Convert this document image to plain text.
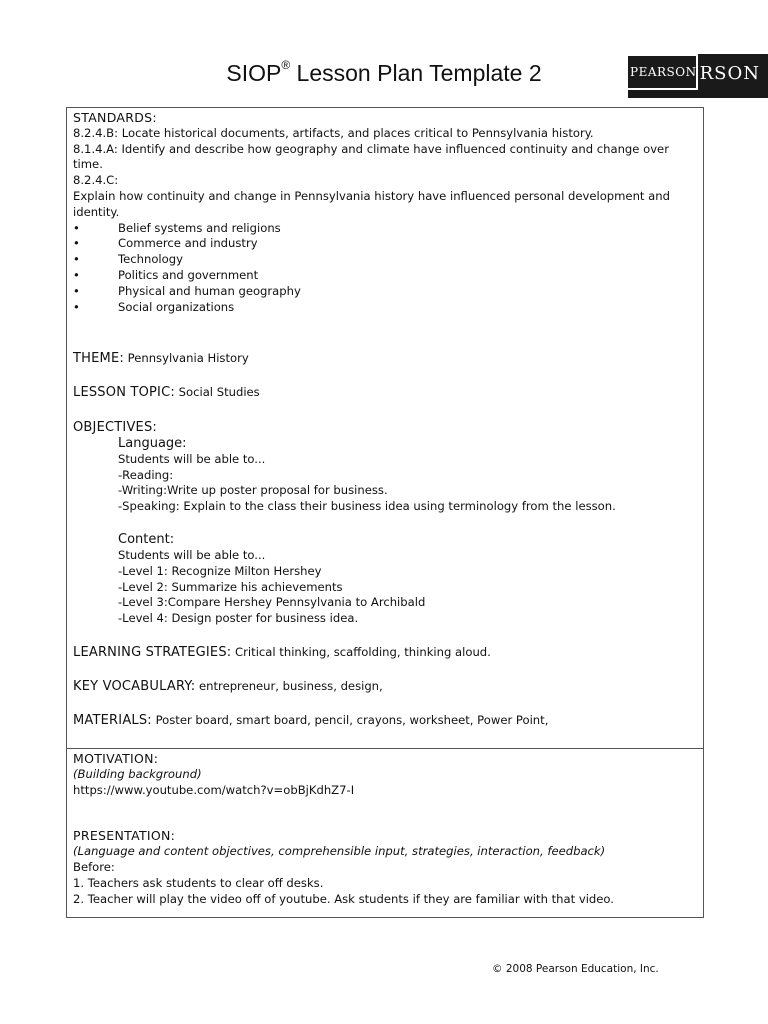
SIOP® Lesson Plan Template 2	RSON
PEARSON
STANDARDS:
8.2.4.B: Locate historical documents, artifacts, and places critical to Pennsylvania history.
8.1.4.A: Identify and describe how geography and climate have influenced continuity and change over time.
8.2.4.C:
Explain how continuity and change in Pennsylvania history have influenced personal development and identity.
•	Belief systems and religions
•	Commerce and industry
•	Technology
•	Politics and government
•	Physical and human geography
•	Social organizations
THEME: Pennsylvania History
LESSON TOPIC: Social Studies
OBJECTIVES:
Language:
Students will be able to...
-Reading:
-Writing:Write up poster proposal for business.
-Speaking: Explain to the class their business idea using terminology from the lesson.
Content:
Students will be able to...
-Level 1: Recognize Milton Hershey
-Level 2: Summarize his achievements
-Level 3:Compare Hershey Pennsylvania to Archibald
-Level 4: Design poster for business idea.
LEARNING STRATEGIES: Critical thinking, scaffolding, thinking aloud.
KEY VOCABULARY: entrepreneur, business, design,
MATERIALS: Poster board, smart board, pencil, crayons, worksheet, Power Point,
MOTIVATION:
(Building background)
https://www.youtube.com/watch?v=obBjKdhZ7-I
PRESENTATION:
(Language and content objectives, comprehensible input, strategies, interaction, feedback)
Before:
1. Teachers ask students to clear off desks.
2. Teacher will play the video off of youtube. Ask students if they are familiar with that video.
© 2008 Pearson Education, Inc.
